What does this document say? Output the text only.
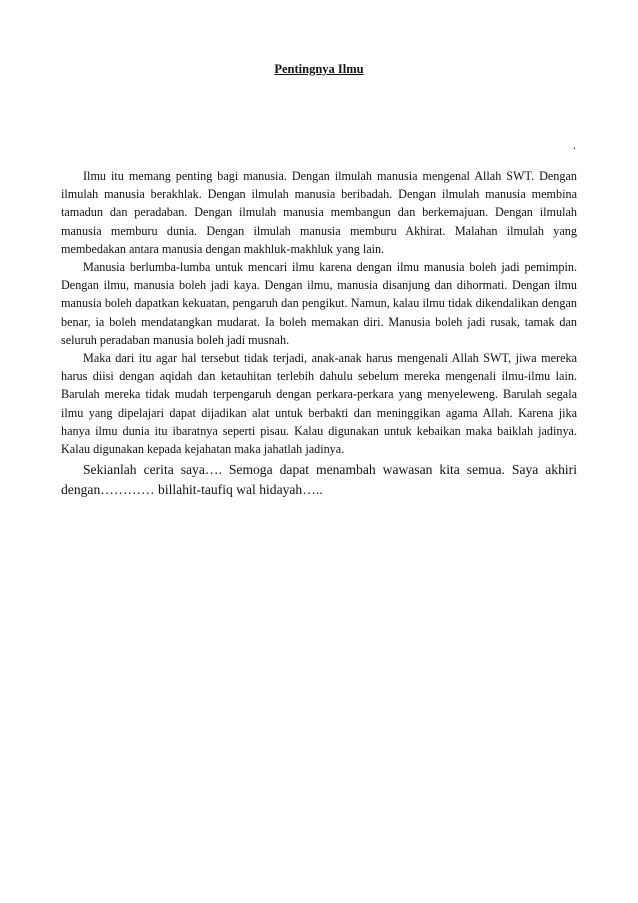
Pentingnya Ilmu
.

Ilmu itu memang penting bagi manusia. Dengan ilmulah manusia mengenal Allah SWT. Dengan ilmulah manusia berakhlak. Dengan ilmulah manusia beribadah. Dengan ilmulah manusia membina tamadun dan peradaban. Dengan ilmulah manusia membangun dan berkemajuan. Dengan ilmulah manusia memburu dunia. Dengan ilmulah manusia memburu Akhirat. Malahan ilmulah yang membedakan antara manusia dengan makhluk-makhluk yang lain.

Manusia berlumba-lumba untuk mencari ilmu karena dengan ilmu manusia boleh jadi pemimpin. Dengan ilmu, manusia boleh jadi kaya. Dengan ilmu, manusia disanjung dan dihormati. Dengan ilmu manusia boleh dapatkan kekuatan, pengaruh dan pengikut. Namun, kalau ilmu tidak dikendalikan dengan benar, ia boleh mendatangkan mudarat. Ia boleh memakan diri. Manusia boleh jadi rusak, tamak dan seluruh peradaban manusia boleh jadi musnah.

Maka dari itu agar hal tersebut tidak terjadi, anak-anak harus mengenali Allah SWT, jiwa mereka harus diisi dengan aqidah dan ketauhitan terlebih dahulu sebelum mereka mengenali ilmu-ilmu lain. Barulah mereka tidak mudah terpengaruh dengan perkara-perkara yang menyeleweng. Barulah segala ilmu yang dipelajari dapat dijadikan alat untuk berbakti dan meninggikan agama Allah. Karena jika hanya ilmu dunia itu ibaratnya seperti pisau. Kalau digunakan untuk kebaikan maka baiklah jadinya. Kalau digunakan kepada kejahatan maka jahatlah jadinya.

Sekianlah cerita saya…. Semoga dapat menambah wawasan kita semua. Saya akhiri dengan………… billahit-taufiq wal hidayah…..
